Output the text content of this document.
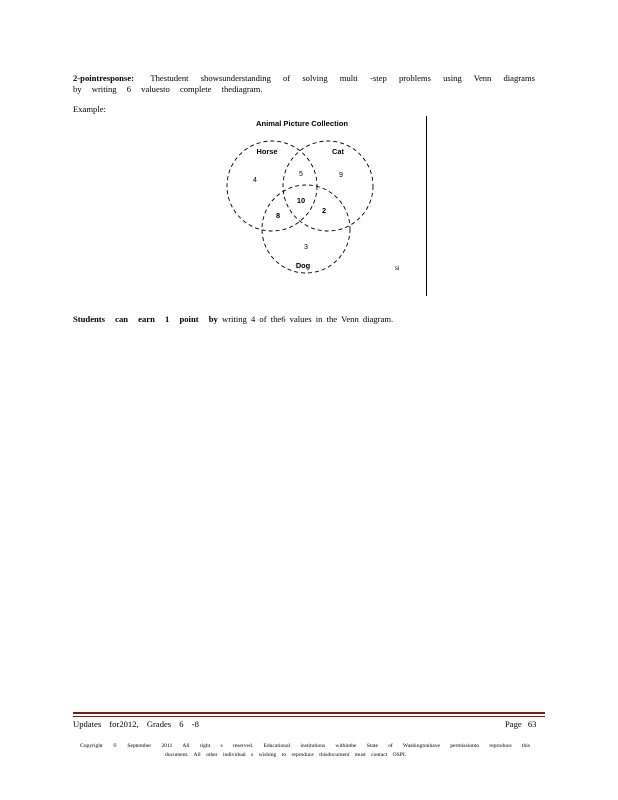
2-pointresponse: Thestudent showsunderstanding of solving multi -step problems using Venn diagrams
by writing 6 valuesto complete thediagram.
Example:
Animal Picture Collection
Horse	Cat
Dog
4
9
3
5
8
2
10
si
Students can earn 1 point by writing 4 of the6 values in the Venn diagram.
Updates for2012, Grades 6 -8	Page 63
Copyright © September 2011 All right s reserved. Educational institutions withinthe State of Washingtonhave permissionto reproduce this
document. All other individual s wishing to reproduce thisdocument must contact OSPI.
